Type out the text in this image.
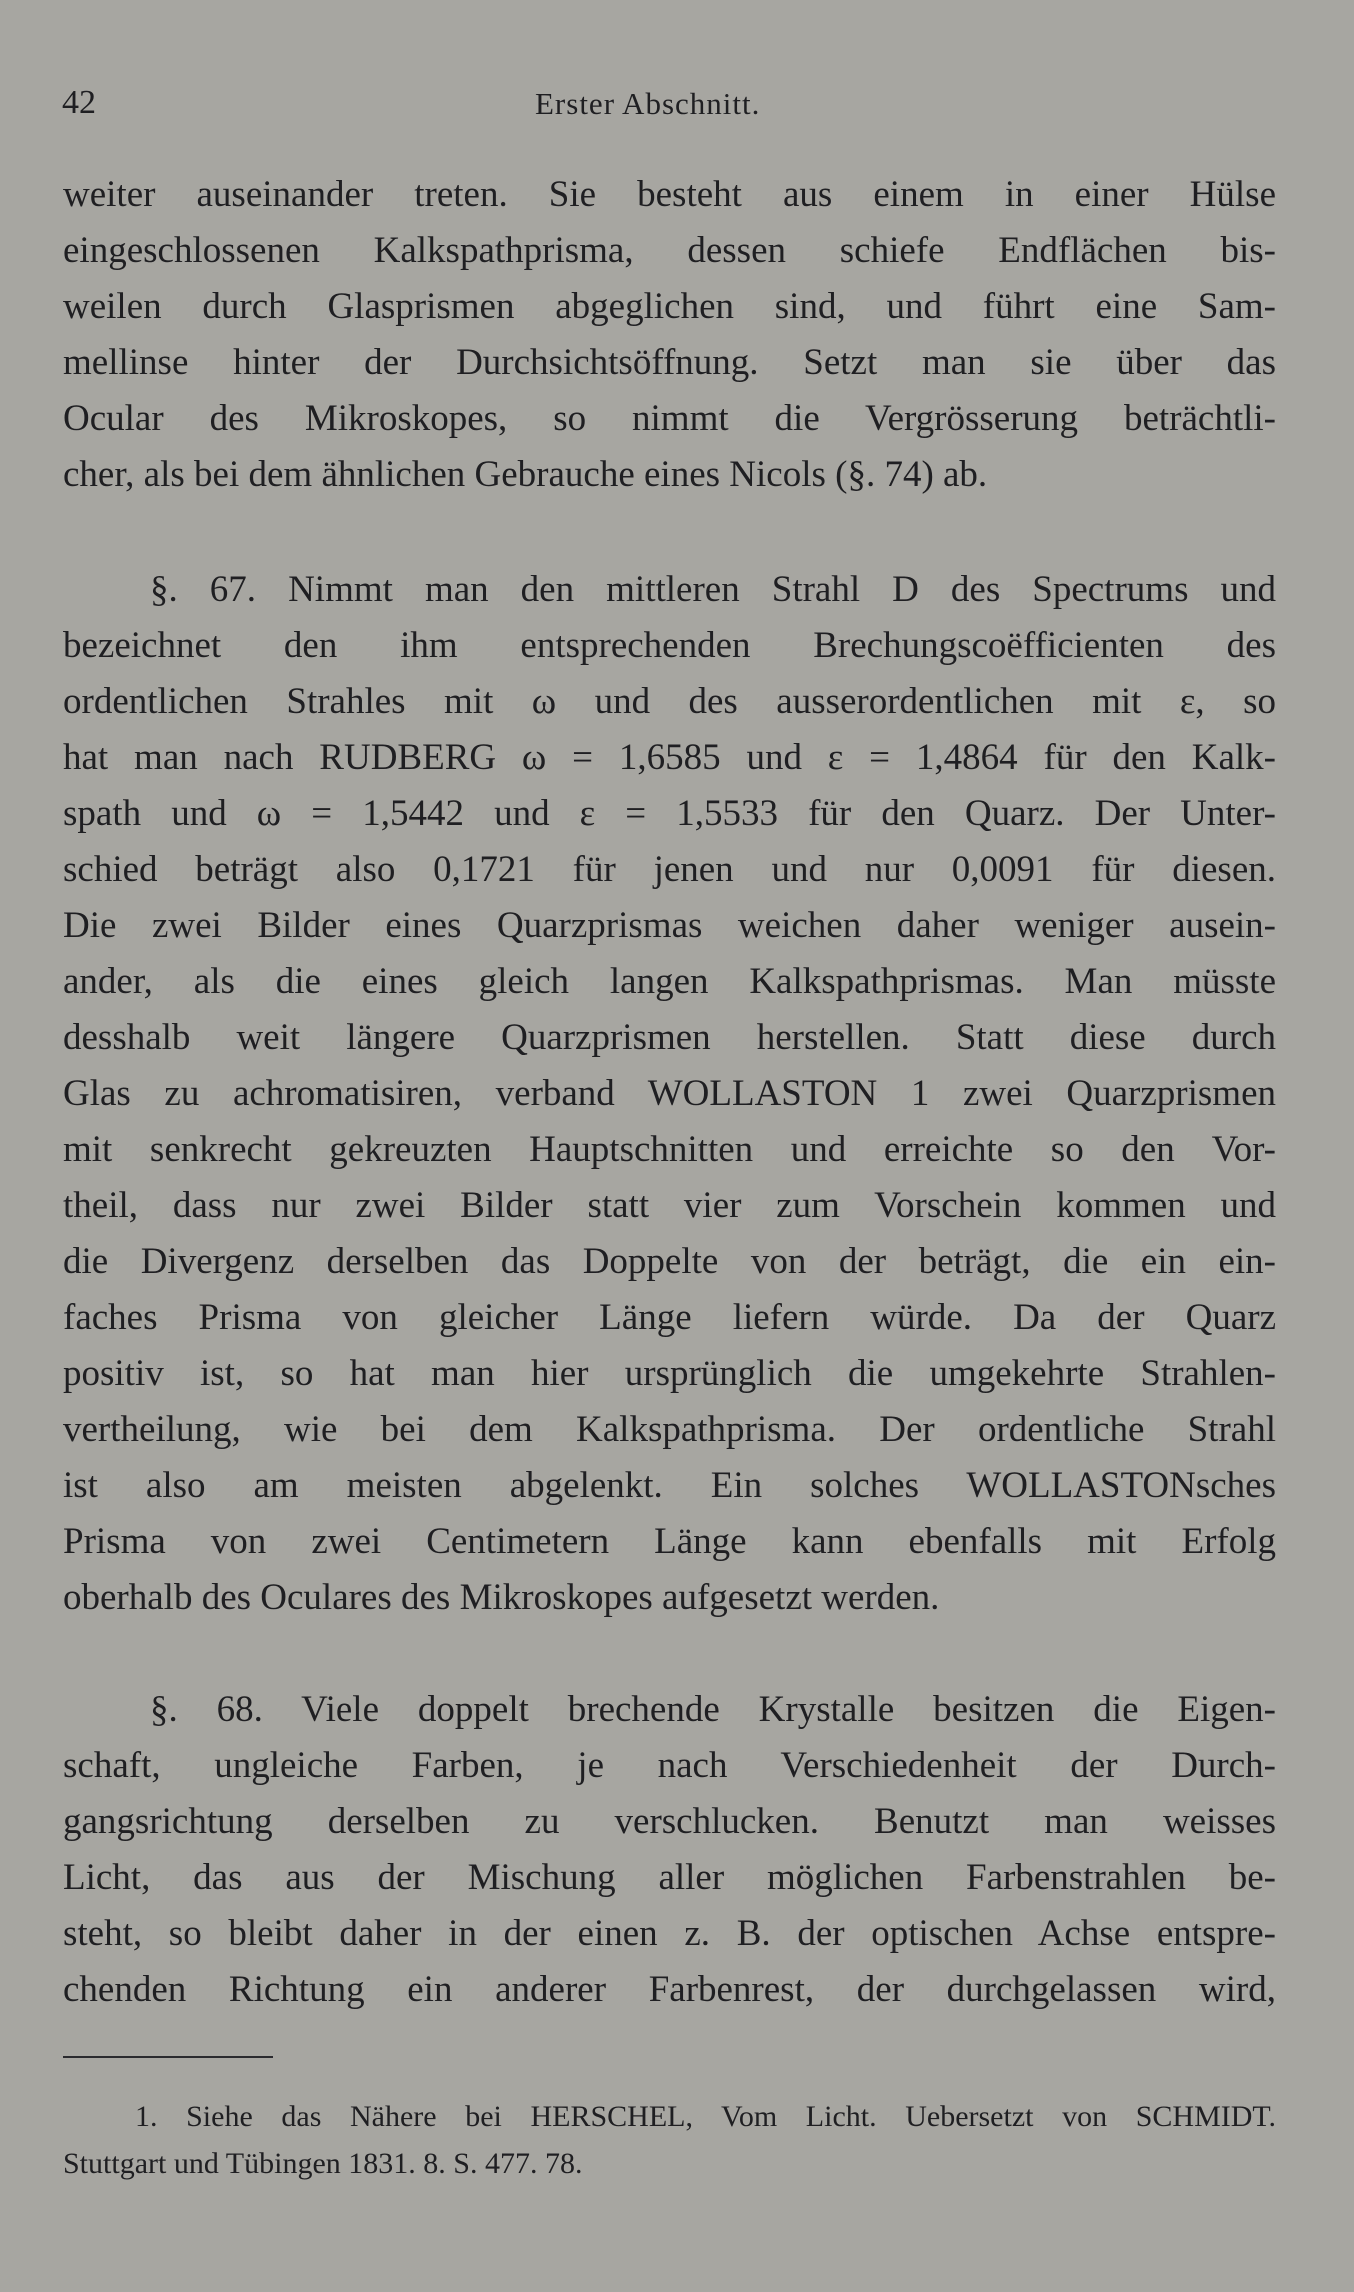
42	Erster Abschnitt.
weiter auseinander treten. Sie besteht aus einem in einer Hülse
eingeschlossenen Kalkspathprisma, dessen schiefe Endflächen bis-
weilen durch Glasprismen abgeglichen sind, und führt eine Sam-
mellinse hinter der Durchsichtsöffnung. Setzt man sie über das
Ocular des Mikroskopes, so nimmt die Vergrösserung beträchtli-
cher, als bei dem ähnlichen Gebrauche eines Nicols (§. 74) ab.
§. 67. Nimmt man den mittleren Strahl D des Spectrums und
bezeichnet den ihm entsprechenden Brechungscoëfficienten des
ordentlichen Strahles mit ω und des ausserordentlichen mit ε, so
hat man nach RUDBERG ω = 1,6585 und ε = 1,4864 für den Kalk-
spath und ω = 1,5442 und ε = 1,5533 für den Quarz. Der Unter-
schied beträgt also 0,1721 für jenen und nur 0,0091 für diesen.
Die zwei Bilder eines Quarzprismas weichen daher weniger ausein-
ander, als die eines gleich langen Kalkspathprismas. Man müsste
desshalb weit längere Quarzprismen herstellen. Statt diese durch
Glas zu achromatisiren, verband WOLLASTON 1 zwei Quarzprismen
mit senkrecht gekreuzten Hauptschnitten und erreichte so den Vor-
theil, dass nur zwei Bilder statt vier zum Vorschein kommen und
die Divergenz derselben das Doppelte von der beträgt, die ein ein-
faches Prisma von gleicher Länge liefern würde. Da der Quarz
positiv ist, so hat man hier ursprünglich die umgekehrte Strahlen-
vertheilung, wie bei dem Kalkspathprisma. Der ordentliche Strahl
ist also am meisten abgelenkt. Ein solches WOLLASTONsches
Prisma von zwei Centimetern Länge kann ebenfalls mit Erfolg
oberhalb des Oculares des Mikroskopes aufgesetzt werden.
§. 68. Viele doppelt brechende Krystalle besitzen die Eigen-
schaft, ungleiche Farben, je nach Verschiedenheit der Durch-
gangsrichtung derselben zu verschlucken. Benutzt man weisses
Licht, das aus der Mischung aller möglichen Farbenstrahlen be-
steht, so bleibt daher in der einen z. B. der optischen Achse entspre-
chenden Richtung ein anderer Farbenrest, der durchgelassen wird,
1. Siehe das Nähere bei HERSCHEL, Vom Licht. Uebersetzt von SCHMIDT.
Stuttgart und Tübingen 1831. 8. S. 477. 78.
